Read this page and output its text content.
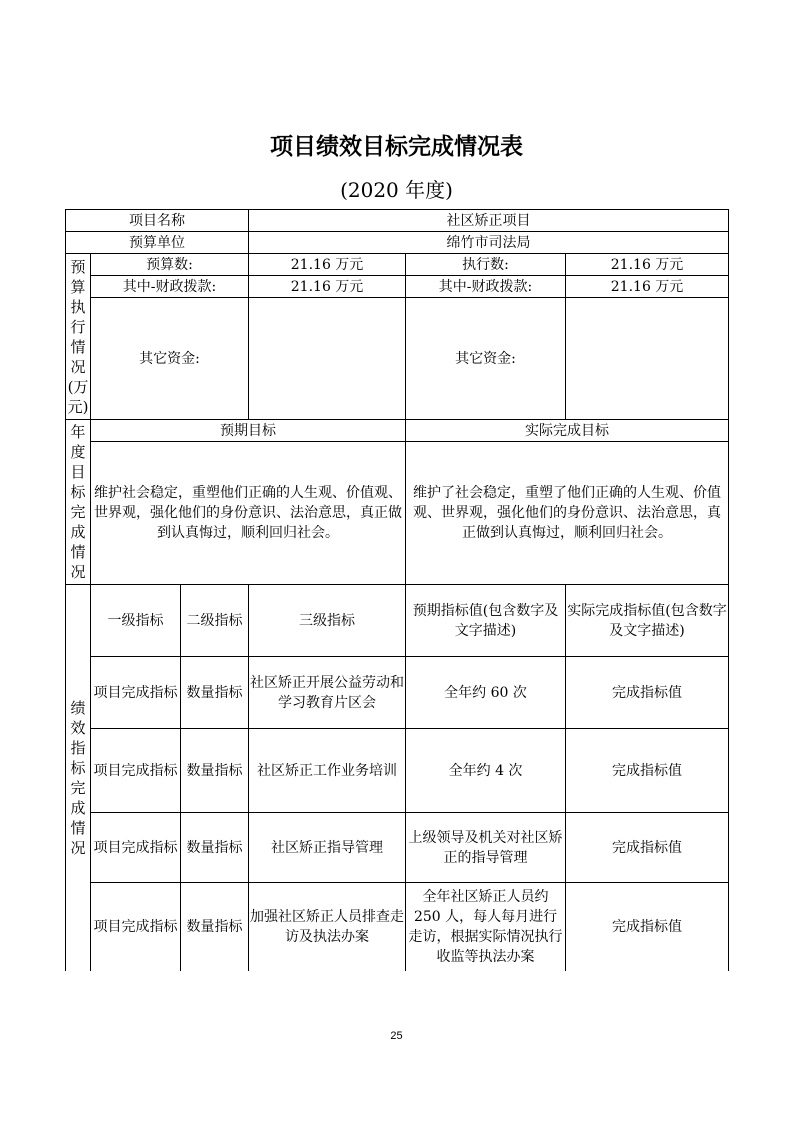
项目绩效目标完成情况表
(2020 年度)
项目名称			社区矫正项目		
预算单位			绵竹市司法局		
预算执行情况(万元)	预算数:		21.16 万元	执行数:	21.16 万元
	其中-财政拨款:		21.16 万元	其中-财政拨款:	21.16 万元
	其它资金:			其它资金:	
年度目标完成情况	预期目标			实际完成目标	
	维护社会稳定，重塑他们正确的人生观、价值观、世界观，强化他们的身份意识、法治意思，真正做到认真悔过，顺利回归社会。			维护了社会稳定，重塑了他们正确的人生观、价值观、世界观，强化他们的身份意识、法治意思，真正做到认真悔过，顺利回归社会。	
绩效指标完成情况	一级指标	二级指标	三级指标	预期指标值(包含数字及文字描述)	实际完成指标值(包含数字及文字描述)
	项目完成指标	数量指标	社区矫正开展公益劳动和学习教育片区会	全年约 60 次	完成指标值
	项目完成指标	数量指标	社区矫正工作业务培训	全年约 4 次	完成指标值
	项目完成指标	数量指标	社区矫正指导管理	上级领导及机关对社区矫正的指导管理	完成指标值
	项目完成指标	数量指标	加强社区矫正人员排查走访及执法办案	全年社区矫正人员约 250 人，每人每月进行走访，根据实际情况执行收监等执法办案	完成指标值
25
